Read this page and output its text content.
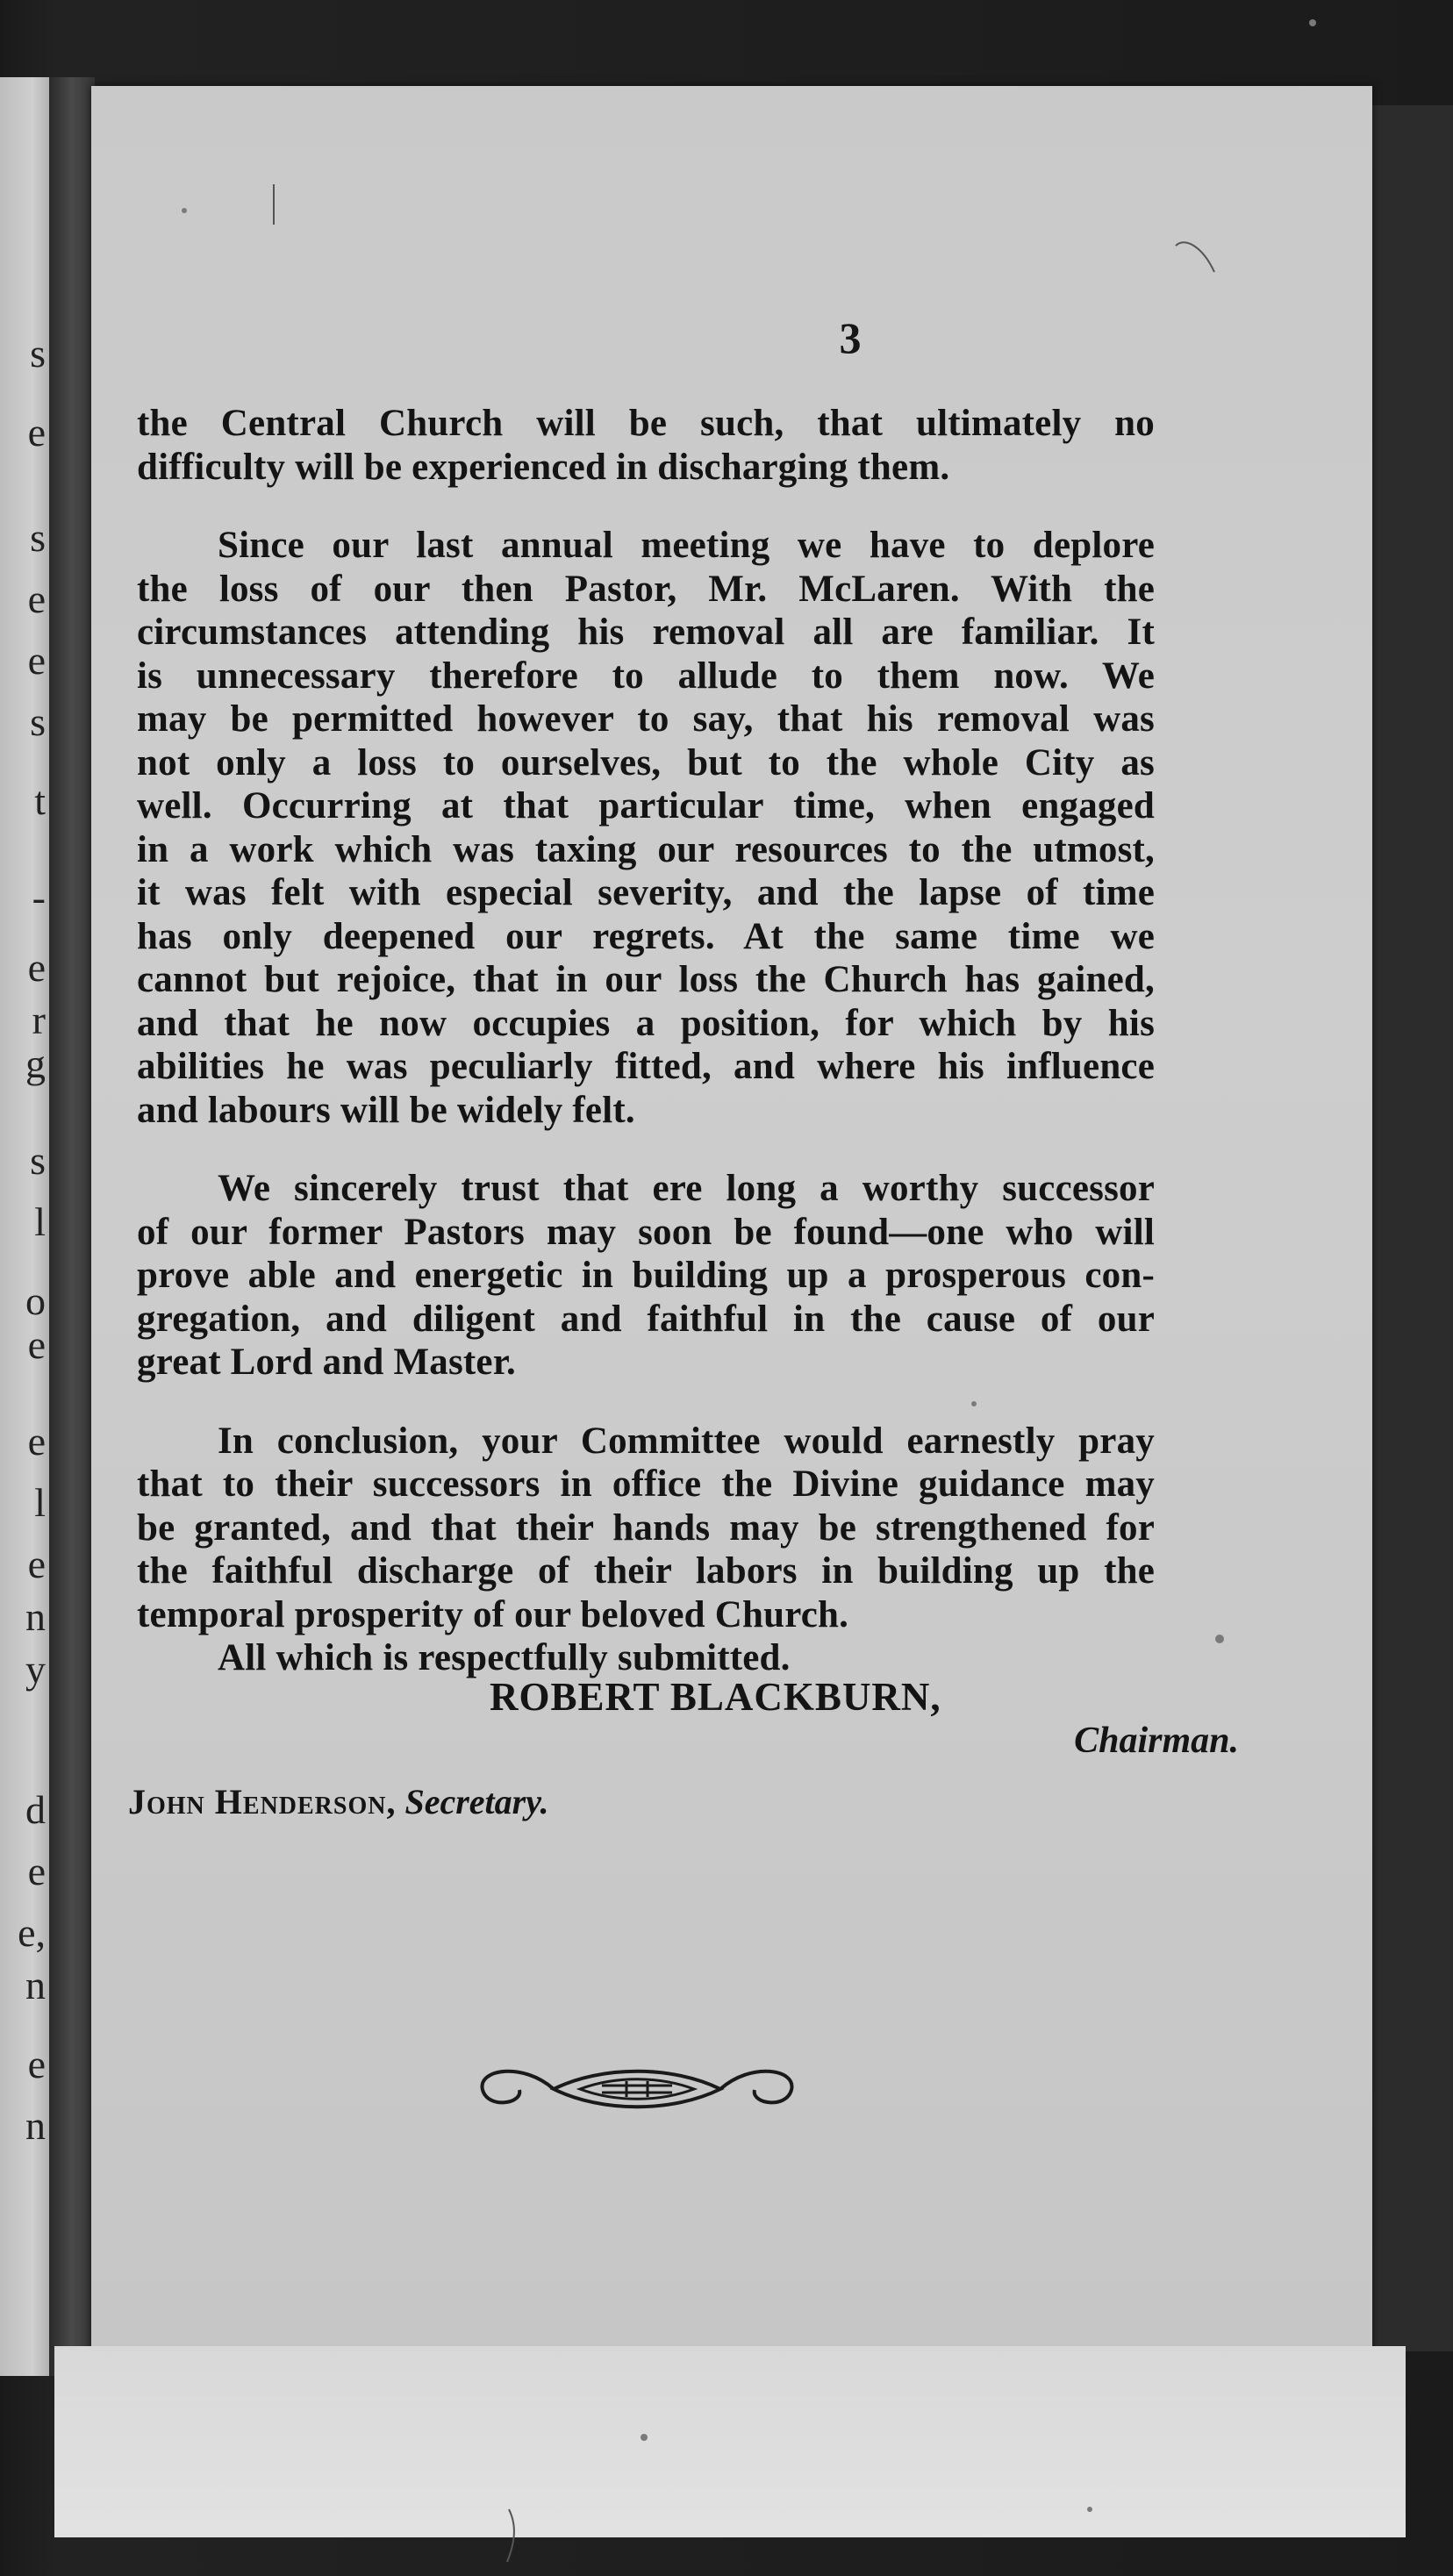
s
e
s
e
e
s
t
-
e
r
g
s
l
o
e
e
l
e
n
y
d
e
e,
n
e
n
3
the Central Church will be such, that ultimately no
difficulty will be experienced in discharging them.
Since our last annual meeting we have to deplore
the loss of our then Pastor, Mr. McLaren. With the
circumstances attending his removal all are familiar. It
is unnecessary therefore to allude to them now. We
may be permitted however to say, that his removal was
not only a loss to ourselves, but to the whole City as
well. Occurring at that particular time, when engaged
in a work which was taxing our resources to the utmost,
it was felt with especial severity, and the lapse of time
has only deepened our regrets. At the same time we
cannot but rejoice, that in our loss the Church has gained,
and that he now occupies a position, for which by his
abilities he was peculiarly fitted, and where his influence
and labours will be widely felt.
We sincerely trust that ere long a worthy successor
of our former Pastors may soon be found—one who will
prove able and energetic in building up a prosperous con-
gregation, and diligent and faithful in the cause of our
great Lord and Master.
In conclusion, your Committee would earnestly pray
that to their successors in office the Divine guidance may
be granted, and that their hands may be strengthened for
the faithful discharge of their labors in building up the
temporal prosperity of our beloved Church.
All which is respectfully submitted.
ROBERT BLACKBURN,
Chairman.
John Henderson, Secretary.
